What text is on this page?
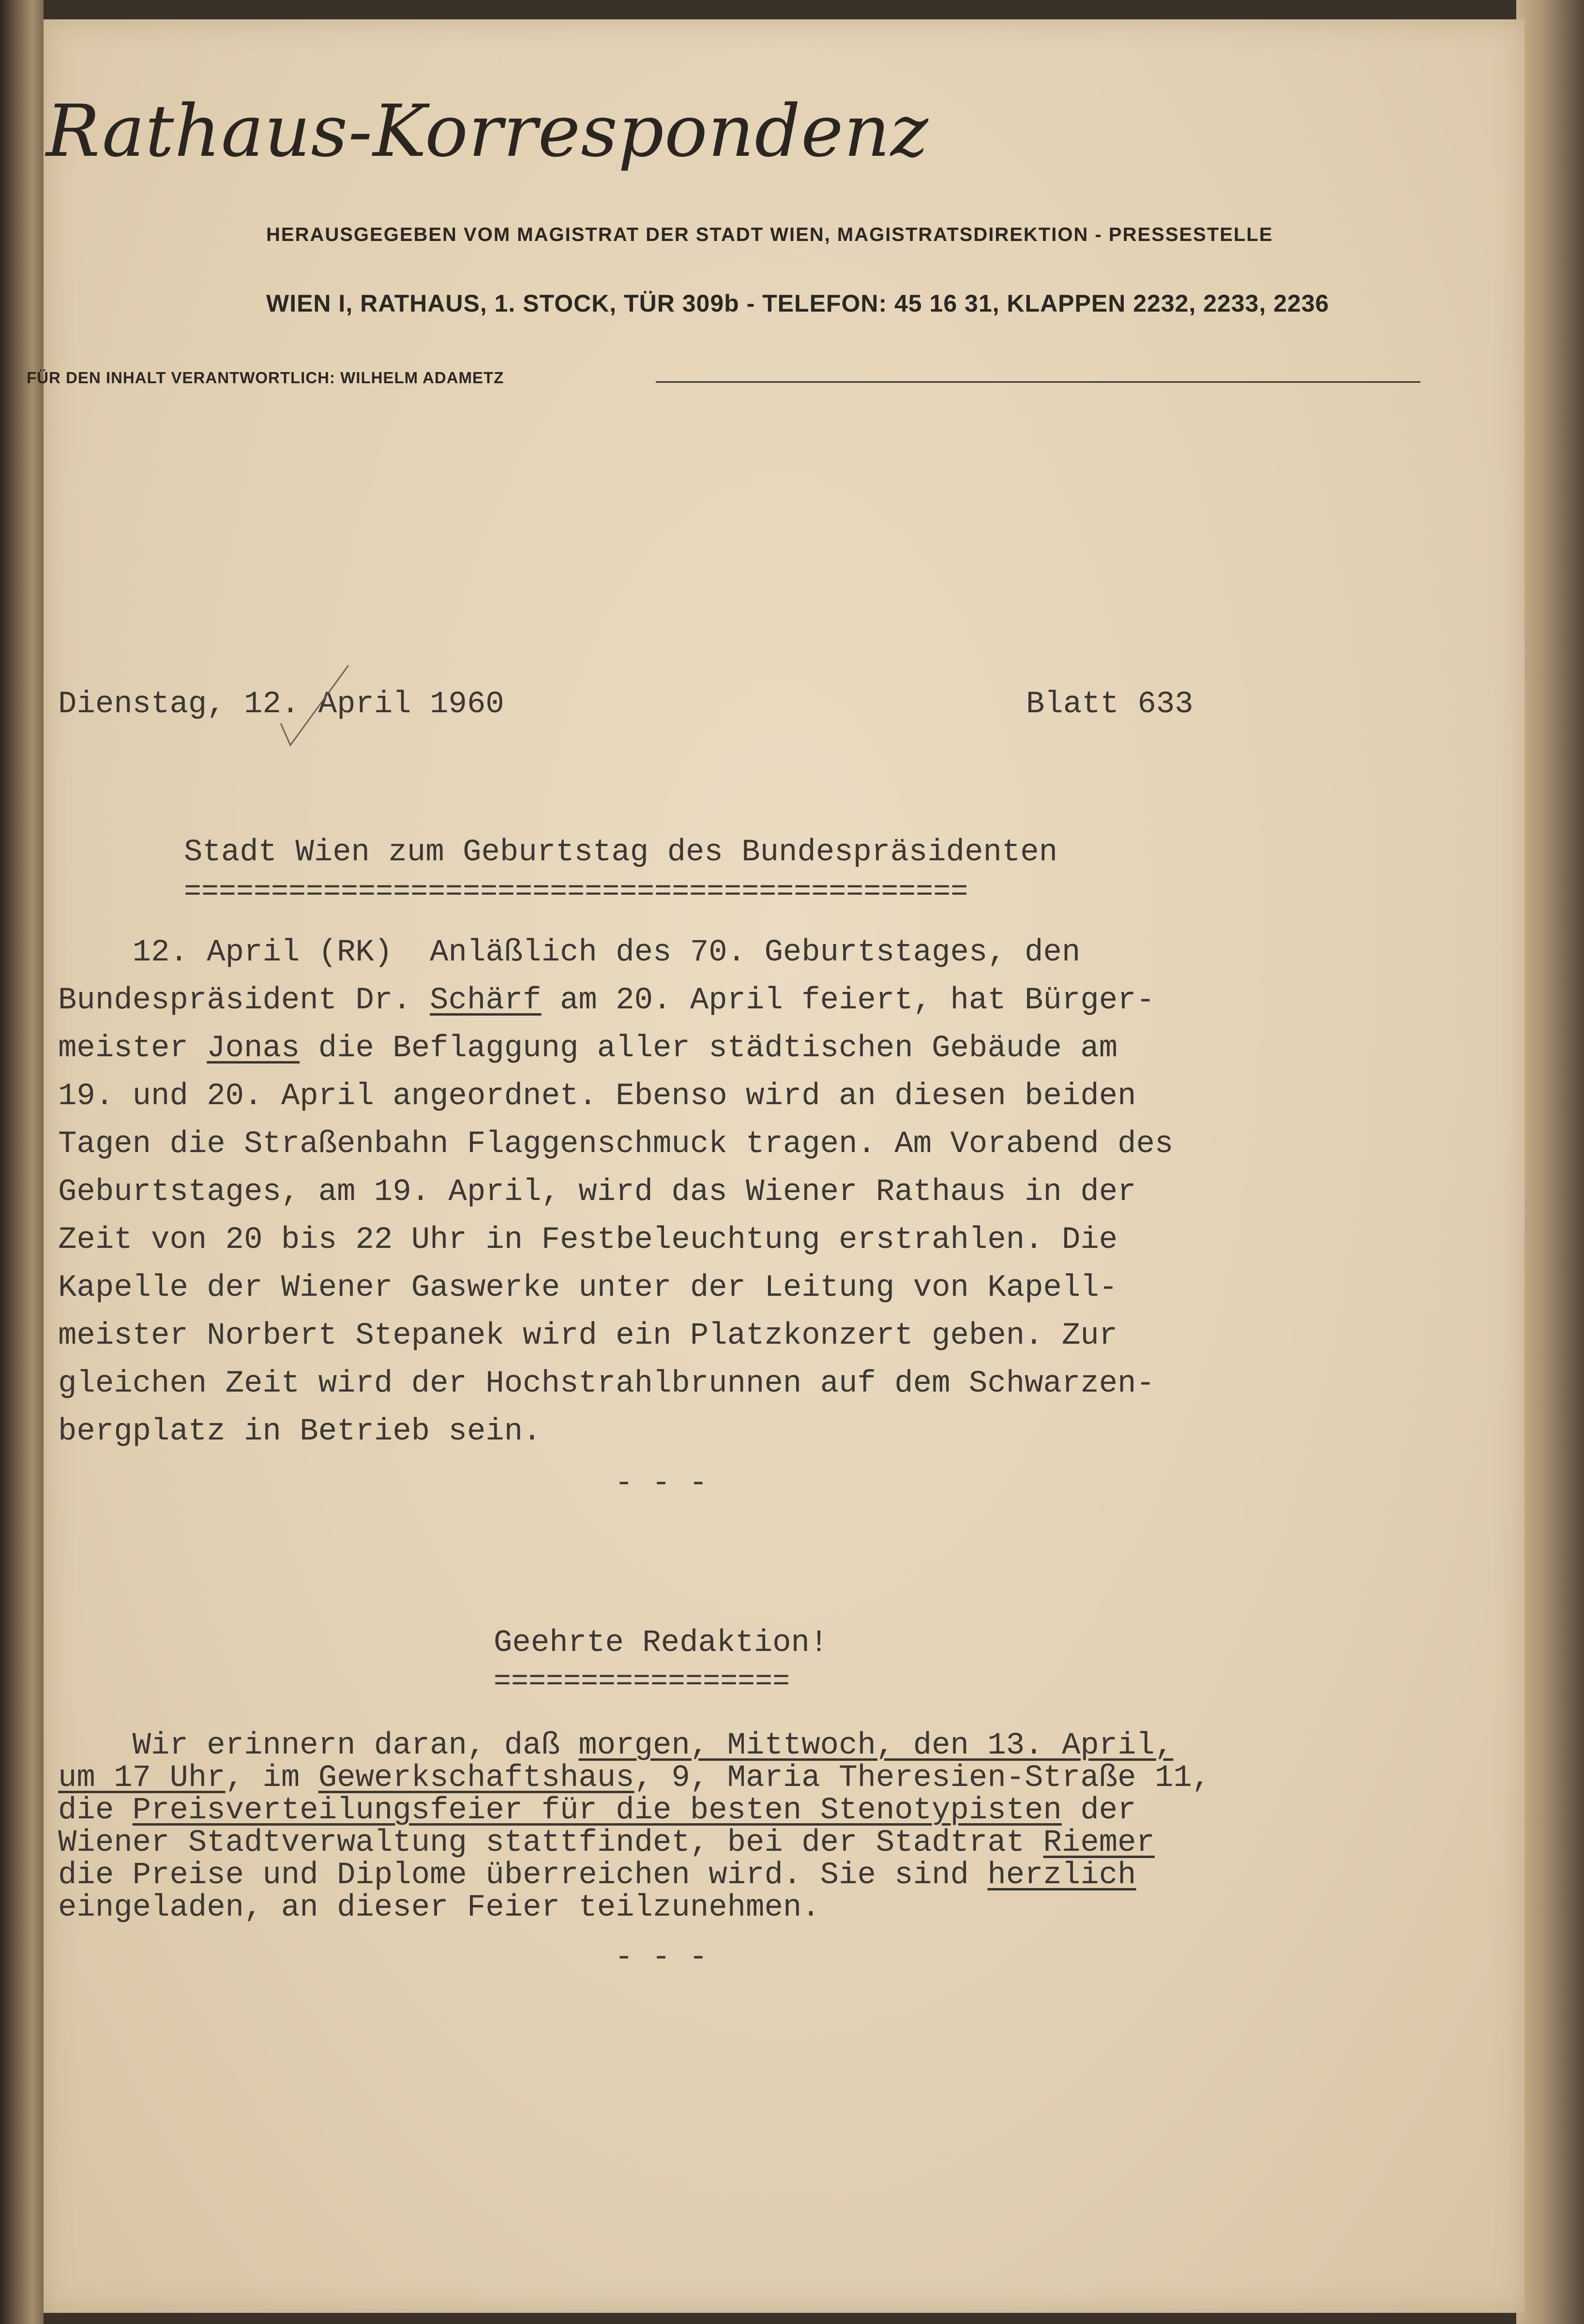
Rathaus-Korrespondenz
HERAUSGEGEBEN VOM MAGISTRAT DER STADT WIEN, MAGISTRATSDIREKTION - PRESSESTELLE
WIEN I, RATHAUS, 1. STOCK, TÜR 309b - TELEFON: 45 16 31, KLAPPEN 2232, 2233, 2236
FÜR DEN INHALT VERANTWORTLICH: WILHELM ADAMETZ
Dienstag, 12. April 1960	Blatt 633
Stadt Wien zum Geburtstag des Bundespräsidenten
=============================================
12. April (RK)  Anläßlich des 70. Geburtstages, den
Bundespräsident Dr. Schärf am 20. April feiert, hat Bürger-
meister Jonas die Beflaggung aller städtischen Gebäude am
19. und 20. April angeordnet. Ebenso wird an diesen beiden
Tagen die Straßenbahn Flaggenschmuck tragen. Am Vorabend des
Geburtstages, am 19. April, wird das Wiener Rathaus in der
Zeit von 20 bis 22 Uhr in Festbeleuchtung erstrahlen. Die
Kapelle der Wiener Gaswerke unter der Leitung von Kapell-
meister Norbert Stepanek wird ein Platzkonzert geben. Zur
gleichen Zeit wird der Hochstrahlbrunnen auf dem Schwarzen-
bergplatz in Betrieb sein.
- - -
Geehrte Redaktion!
=================
Wir erinnern daran, daß morgen, Mittwoch, den 13. April,
um 17 Uhr, im Gewerkschaftshaus, 9, Maria Theresien-Straße 11,
die Preisverteilungsfeier für die besten Stenotypisten der
Wiener Stadtverwaltung stattfindet, bei der Stadtrat Riemer
die Preise und Diplome überreichen wird. Sie sind herzlich
eingeladen, an dieser Feier teilzunehmen.
- - -
